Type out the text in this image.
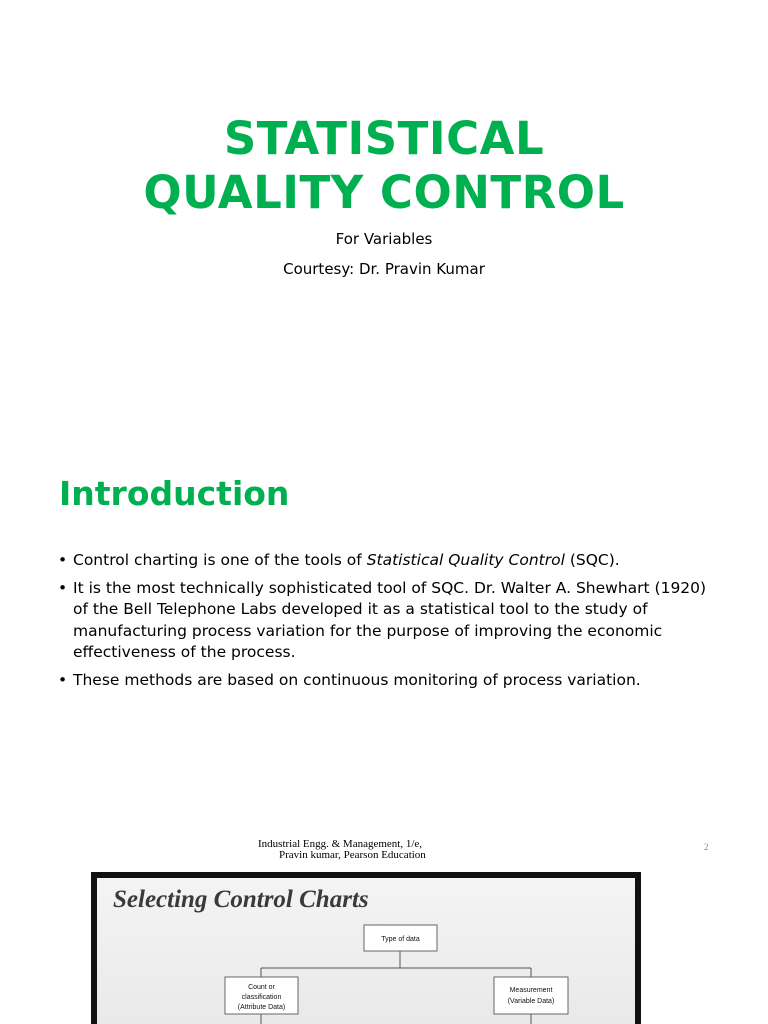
STATISTICAL
QUALITY CONTROL
For Variables
Courtesy: Dr. Pravin Kumar
Introduction
• Control charting is one of the tools of Statistical Quality Control (SQC).
• It is the most technically sophisticated tool of SQC. Dr. Walter A. Shewhart (1920) of the Bell Telephone Labs developed it as a statistical tool to the study of manufacturing process variation for the purpose of improving the economic effectiveness of the process.
• These methods are based on continuous monitoring of process variation.
Industrial Engg. & Management, 1/e,
Pravin kumar, Pearson Education
2
Selecting Control Charts
Type of data
Count or
classification
(Attribute Data)
Measurement
(Variable Data)
